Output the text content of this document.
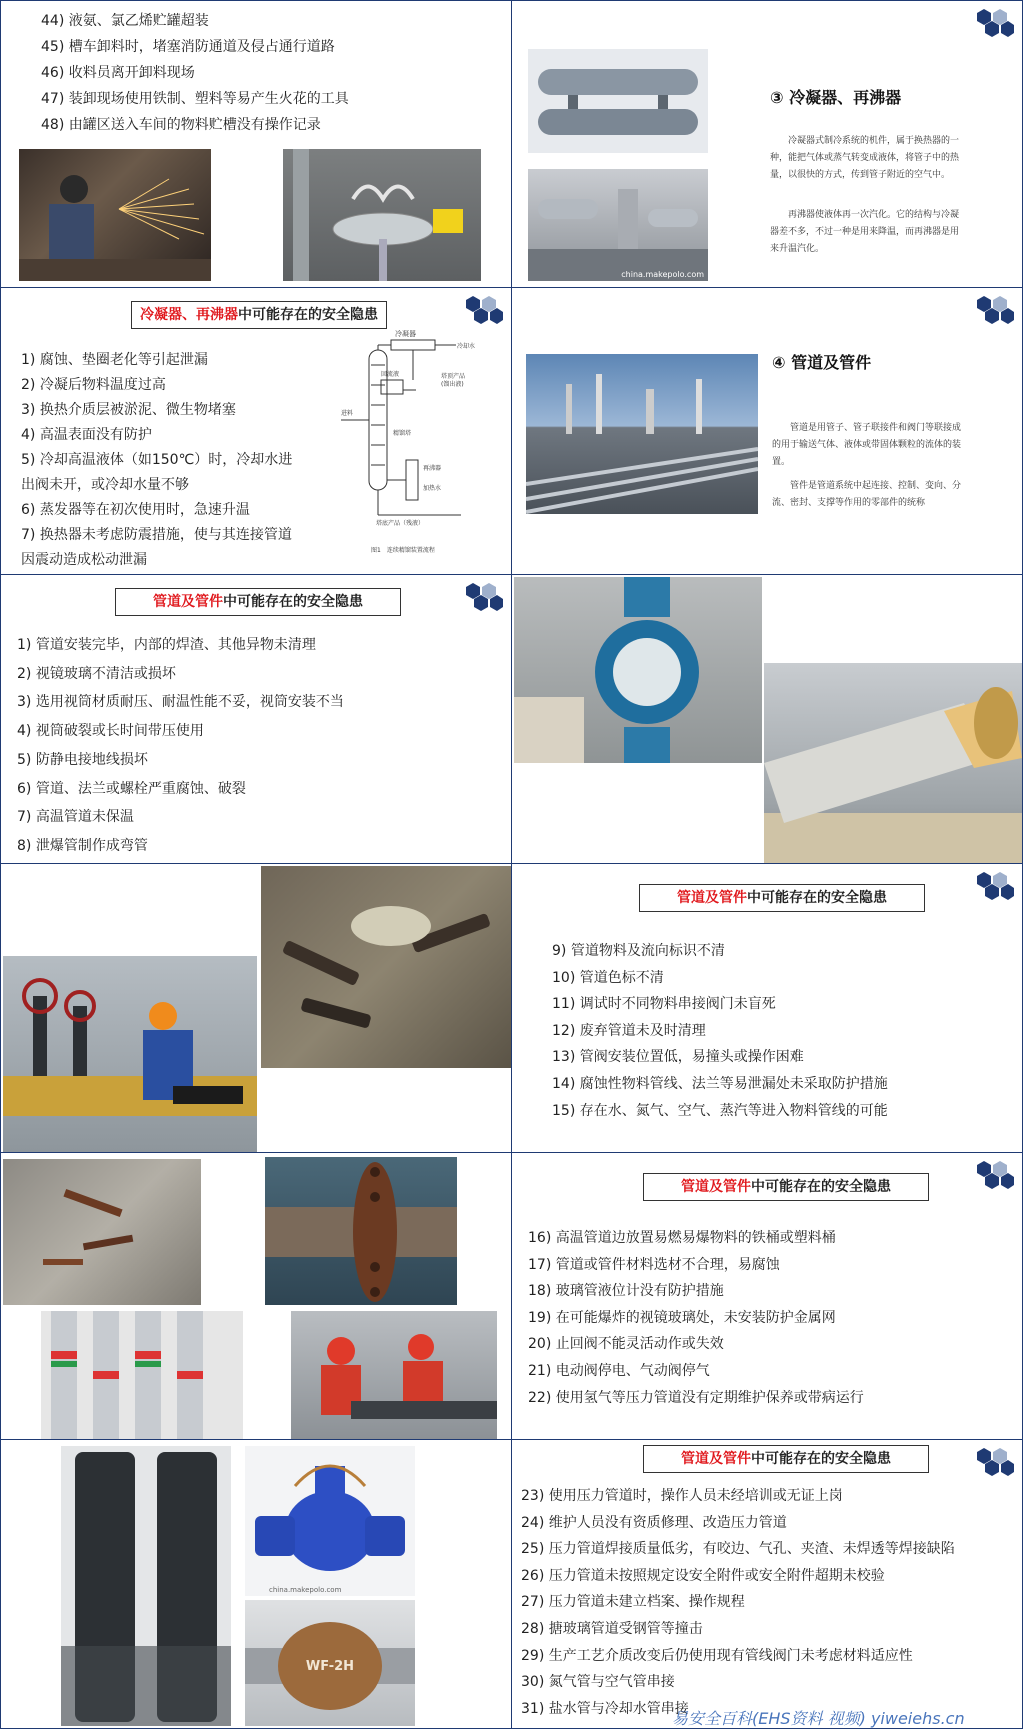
44) 液氨、氯乙烯贮罐超装
45) 槽车卸料时，堵塞消防通道及侵占通行道路
46) 收料员离开卸料现场
47) 装卸现场使用铁制、塑料等易产生火花的工具
48) 由罐区送入车间的物料贮槽没有操作记录
china.makepolo.com
③ 冷凝器、再沸器
冷凝器式制冷系统的机件，属于换热器的一种，能把气体或蒸气转变成液体，将管子中的热量，以很快的方式，传到管子附近的空气中。
再沸器使液体再一次汽化。它的结构与冷凝器差不多，不过一种是用来降温，而再沸器是用来升温汽化。
冷凝器、再沸器中可能存在的安全隐患
1) 腐蚀、垫圈老化等引起泄漏
2) 冷凝后物料温度过高
3) 换热介质层被淤泥、微生物堵塞
4) 高温表面没有防护
5) 冷却高温液体（如150℃）时，冷却水进出阀未开，或冷却水量不够
6) 蒸发器等在初次使用时，急速升温
7) 换热器未考虑防震措施，使与其连接管道因震动造成松动泄漏
冷凝器
冷却水
回流液	塔顶产品
(馏出液)
进料
精馏塔
再沸器
加热水
塔底产品（残液）
图1　连续精馏装置流程
④ 管道及管件
管道是用管子、管子联接件和阀门等联接成的用于输送气体、液体或带固体颗粒的流体的装置。
管件是管道系统中起连接、控制、变向、分流、密封、支撑等作用的零部件的统称
管道及管件中可能存在的安全隐患
1) 管道安装完毕，内部的焊渣、其他异物未清理
2) 视镜玻璃不清洁或损坏
3) 选用视筒材质耐压、耐温性能不妥，视筒安装不当
4) 视筒破裂或长时间带压使用
5) 防静电接地线损坏
6) 管道、法兰或螺栓严重腐蚀、破裂
7) 高温管道未保温
8) 泄爆管制作成弯管
管道及管件中可能存在的安全隐患
9) 管道物料及流向标识不清
10) 管道色标不清
11) 调试时不同物料串接阀门未盲死
12) 废弃管道未及时清理
13) 管阀安装位置低，易撞头或操作困难
14) 腐蚀性物料管线、法兰等易泄漏处未采取防护措施
15) 存在水、氮气、空气、蒸汽等进入物料管线的可能
管道及管件中可能存在的安全隐患
16) 高温管道边放置易燃易爆物料的铁桶或塑料桶
17) 管道或管件材料选材不合理，易腐蚀
18) 玻璃管液位计没有防护措施
19) 在可能爆炸的视镜玻璃处，未安装防护金属网
20) 止回阀不能灵活动作或失效
21) 电动阀停电、气动阀停气
22) 使用氢气等压力管道没有定期维护保养或带病运行
china.makepolo.com
WF-2H
管道及管件中可能存在的安全隐患
23) 使用压力管道时，操作人员未经培训或无证上岗
24) 维护人员没有资质修理、改造压力管道
25) 压力管道焊接质量低劣，有咬边、气孔、夹渣、未焊透等焊接缺陷
26) 压力管道未按照规定设安全附件或安全附件超期未校验
27) 压力管道未建立档案、操作规程
28) 搪玻璃管道受钢管等撞击
29) 生产工艺介质改变后仍使用现有管线阀门未考虑材料适应性
30) 氮气管与空气管串接
31) 盐水管与冷却水管串接
易安全百科(EHS资料 视频) yiweiehs.cn
